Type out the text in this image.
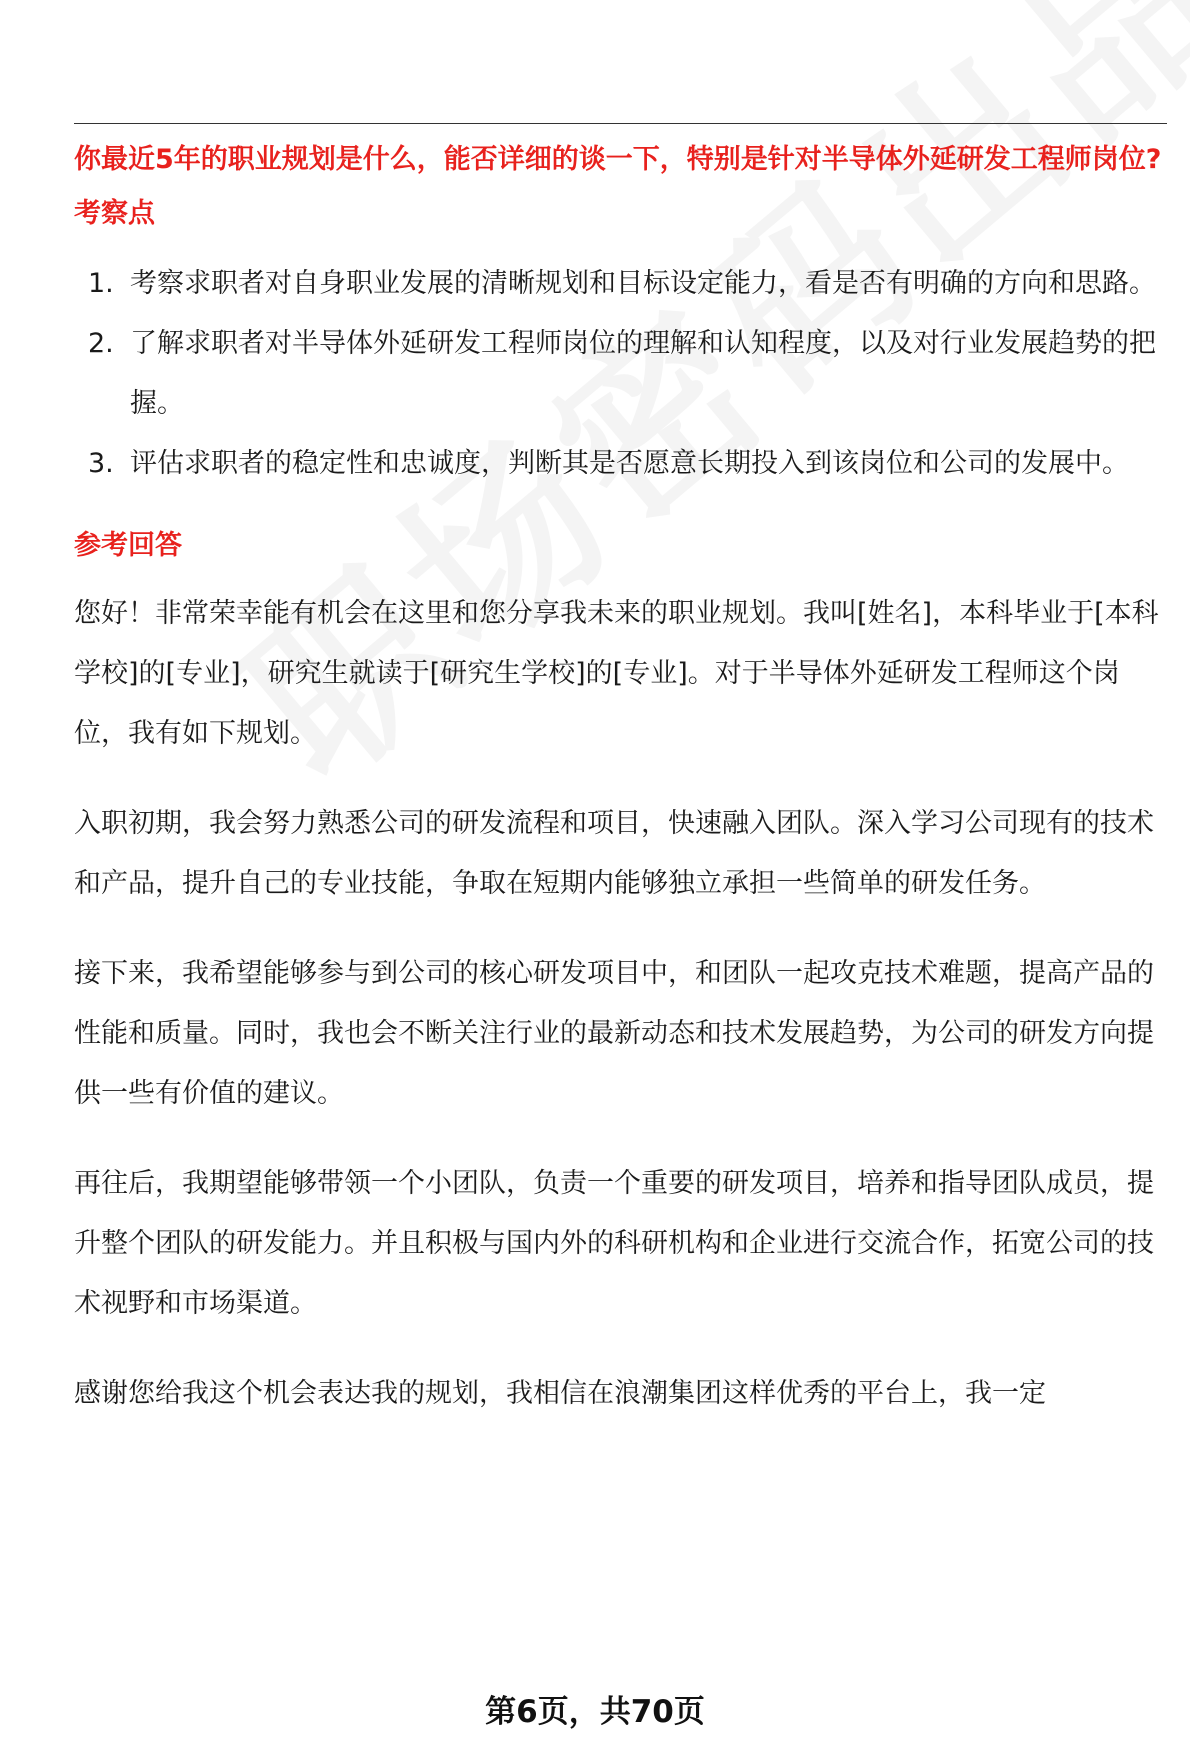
你最近5年的职业规划是什么，能否详细的谈一下，特别是针对半导体外延研发工程师岗位?
考察点
1. 考察求职者对自身职业发展的清晰规划和目标设定能力，看是否有明确的方向和思路。
2. 了解求职者对半导体外延研发工程师岗位的理解和认知程度，以及对行业发展趋势的把握。
3. 评估求职者的稳定性和忠诚度，判断其是否愿意长期投入到该岗位和公司的发展中。
参考回答

您好！非常荣幸能有机会在这里和您分享我未来的职业规划。我叫[姓名]，本科毕业于[本科学校]的[专业]，研究生就读于[研究生学校]的[专业]。对于半导体外延研发工程师这个岗位，我有如下规划。

入职初期，我会努力熟悉公司的研发流程和项目，快速融入团队。深入学习公司现有的技术和产品，提升自己的专业技能，争取在短期内能够独立承担一些简单的研发任务。

接下来，我希望能够参与到公司的核心研发项目中，和团队一起攻克技术难题，提高产品的性能和质量。同时，我也会不断关注行业的最新动态和技术发展趋势，为公司的研发方向提供一些有价值的建议。

再往后，我期望能够带领一个小团队，负责一个重要的研发项目，培养和指导团队成员，提升整个团队的研发能力。并且积极与国内外的科研机构和企业进行交流合作，拓宽公司的技术视野和市场渠道。

感谢您给我这个机会表达我的规划，我相信在浪潮集团这样优秀的平台上，我一定

第6页，共70页
